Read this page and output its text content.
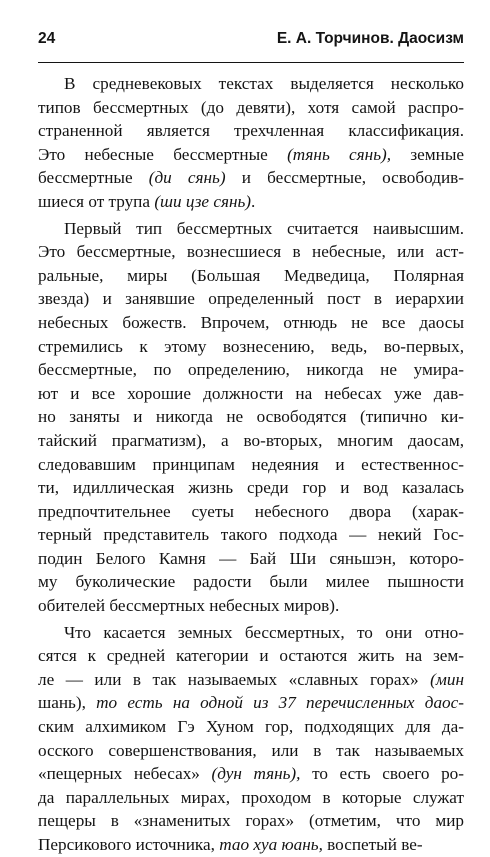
24	Е. А. Торчинов. Даосизм
В средневековых текстах выделяется несколько
типов бессмертных (до девяти), хотя самой распро-
страненной является трехчленная классификация.
Это небесные бессмертные (тянь сянь), земные
бессмертные (ди сянь) и бессмертные, освободив-
шиеся от трупа (ши цзе сянь).
Первый тип бессмертных считается наивысшим.
Это бессмертные, вознесшиеся в небесные, или аст-
ральные, миры (Большая Медведица, Полярная
звезда) и занявшие определенный пост в иерархии
небесных божеств. Впрочем, отнюдь не все даосы
стремились к этому вознесению, ведь, во-первых,
бессмертные, по определению, никогда не умира-
ют и все хорошие должности на небесах уже дав-
но заняты и никогда не освободятся (типично ки-
тайский прагматизм), а во-вторых, многим даосам,
следовавшим принципам недеяния и естественнос-
ти, идиллическая жизнь среди гор и вод казалась
предпочтительнее суеты небесного двора (харак-
терный представитель такого подхода — некий Гос-
подин Белого Камня — Бай Ши сяньшэн, которо-
му буколические радости были милее пышности
обителей бессмертных небесных миров).
Что касается земных бессмертных, то они отно-
сятся к средней категории и остаются жить на зем-
ле — или в так называемых «славных горах» (мин
шань), то есть на одной из 37 перечисленных даос-
ским алхимиком Гэ Хуном гор, подходящих для да-
осского совершенствования, или в так называемых
«пещерных небесах» (дун тянь), то есть своего ро-
да параллельных мирах, проходом в которые служат
пещеры в «знаменитых горах» (отметим, что мир
Персикового источника, тао хуа юань, воспетый ве-
